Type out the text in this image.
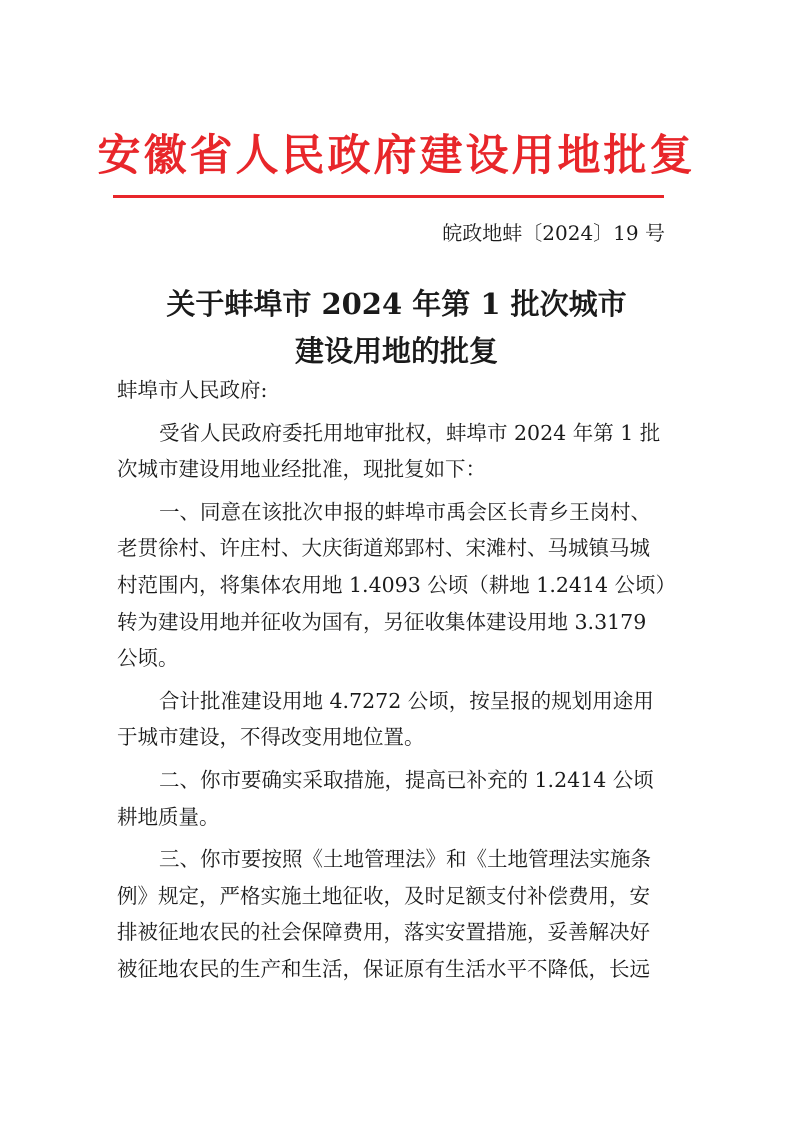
安徽省人民政府建设用地批复
皖政地蚌〔2024〕19 号
关于蚌埠市 2024 年第 1 批次城市
建设用地的批复
蚌埠市人民政府:
受省人民政府委托用地审批权，蚌埠市 2024 年第 1 批
次城市建设用地业经批准，现批复如下：
一、同意在该批次申报的蚌埠市禹会区长青乡王岗村、
老贯徐村、许庄村、大庆街道郑郢村、宋滩村、马城镇马城
村范围内，将集体农用地 1.4093 公顷（耕地 1.2414 公顷）
转为建设用地并征收为国有，另征收集体建设用地 3.3179
公顷。
合计批准建设用地 4.7272 公顷，按呈报的规划用途用
于城市建设，不得改变用地位置。
二、你市要确实采取措施，提高已补充的 1.2414 公顷
耕地质量。
三、你市要按照《土地管理法》和《土地管理法实施条
例》规定，严格实施土地征收，及时足额支付补偿费用，安
排被征地农民的社会保障费用，落实安置措施，妥善解决好
被征地农民的生产和生活，保证原有生活水平不降低，长远
